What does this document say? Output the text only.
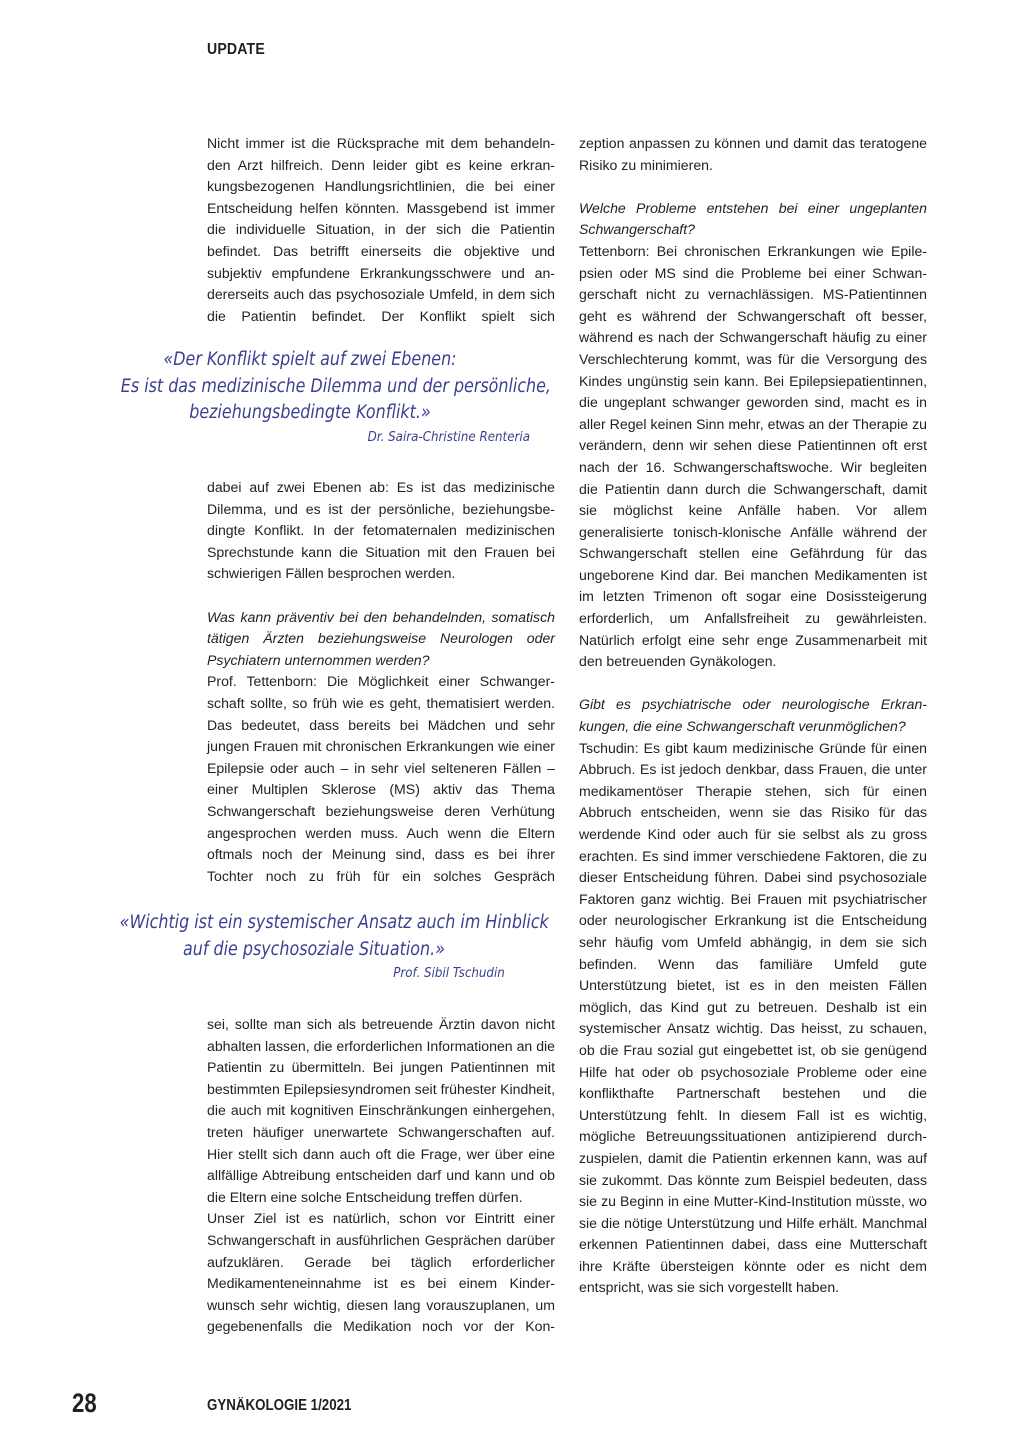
UPDATE

Nicht immer ist die Rücksprache mit dem behandelnden Arzt hilfreich. Denn leider gibt es keine erkrankungsbezogenen Handlungsrichtlinien, die bei einer Entscheidung helfen könnten. Massgebend ist immer die individuelle Situation, in der sich die Patientin befindet. Das betrifft einerseits die objektive und subjektiv empfundene Erkrankungsschwere und andererseits auch das psychosoziale Umfeld, in dem sich die Patientin befindet. Der Konflikt spielt sich

«Der Konflikt spielt auf zwei Ebenen:
Es ist das medizinische Dilemma und der persönliche,
beziehungsbedingte Konflikt.»
Dr. Saira-Christine Renteria

dabei auf zwei Ebenen ab: Es ist das medizinische Dilemma, und es ist der persönliche, beziehungsbedingte Konflikt. In der fetomaternalen medizinischen Sprechstunde kann die Situation mit den Frauen bei schwierigen Fällen besprochen werden.

Was kann präventiv bei den behandelnden, somatisch tätigen Ärzten beziehungsweise Neurologen oder Psychiatern unternommen werden?

Prof. Tettenborn: Die Möglichkeit einer Schwangerschaft sollte, so früh wie es geht, thematisiert werden. Das bedeutet, dass bereits bei Mädchen und sehr jungen Frauen mit chronischen Erkrankungen wie einer Epilepsie oder auch – in sehr viel selteneren Fällen – einer Multiplen Sklerose (MS) aktiv das Thema Schwangerschaft beziehungsweise deren Verhütung angesprochen werden muss. Auch wenn die Eltern oftmals noch der Meinung sind, dass es bei ihrer Tochter noch zu früh für ein solches Gespräch

«Wichtig ist ein systemischer Ansatz auch im Hinblick
auf die psychosoziale Situation.»
Prof. Sibil Tschudin

sei, sollte man sich als betreuende Ärztin davon nicht abhalten lassen, die erforderlichen Informationen an die Patientin zu übermitteln. Bei jungen Patientinnen mit bestimmten Epilepsiesyndromen seit frühester Kindheit, die auch mit kognitiven Einschränkungen einhergehen, treten häufiger unerwartete Schwangerschaften auf. Hier stellt sich dann auch oft die Frage, wer über eine allfällige Abtreibung entscheiden darf und kann und ob die Eltern eine solche Entscheidung treffen dürfen.

Unser Ziel ist es natürlich, schon vor Eintritt einer Schwangerschaft in ausführlichen Gesprächen darüber aufzuklären. Gerade bei täglich erforderlicher Medikamenteneinnahme ist es bei einem Kinderwunsch sehr wichtig, diesen lang vorauszuplanen, um gegebenenfalls die Medikation noch vor der Kon-

zeption anpassen zu können und damit das teratogene Risiko zu minimieren.

Welche Probleme entstehen bei einer ungeplanten Schwangerschaft?

Tettenborn: Bei chronischen Erkrankungen wie Epilepsien oder MS sind die Probleme bei einer Schwangerschaft nicht zu vernachlässigen. MS-Patientinnen geht es während der Schwangerschaft oft besser, während es nach der Schwangerschaft häufig zu einer Verschlechterung kommt, was für die Versorgung des Kindes ungünstig sein kann. Bei Epilepsiepatientinnen, die ungeplant schwanger geworden sind, macht es in aller Regel keinen Sinn mehr, etwas an der Therapie zu verändern, denn wir sehen diese Patientinnen oft erst nach der 16. Schwangerschaftswoche. Wir begleiten die Patientin dann durch die Schwangerschaft, damit sie möglichst keine Anfälle haben. Vor allem generalisierte tonisch-klonische Anfälle während der Schwangerschaft stellen eine Gefährdung für das ungeborene Kind dar. Bei manchen Medikamenten ist im letzten Trimenon oft sogar eine Dosissteigerung erforderlich, um Anfallsfreiheit zu gewährleisten. Natürlich erfolgt eine sehr enge Zusammenarbeit mit den betreuenden Gynäkologen.

Gibt es psychiatrische oder neurologische Erkrankungen, die eine Schwangerschaft verunmöglichen?

Tschudin: Es gibt kaum medizinische Gründe für einen Abbruch. Es ist jedoch denkbar, dass Frauen, die unter medikamentöser Therapie stehen, sich für einen Abbruch entscheiden, wenn sie das Risiko für das werdende Kind oder auch für sie selbst als zu gross erachten. Es sind immer verschiedene Faktoren, die zu dieser Entscheidung führen. Dabei sind psychosoziale Faktoren ganz wichtig. Bei Frauen mit psychiatrischer oder neurologischer Erkrankung ist die Entscheidung sehr häufig vom Umfeld abhängig, in dem sie sich befinden. Wenn das familiäre Umfeld gute Unterstützung bietet, ist es in den meisten Fällen möglich, das Kind gut zu betreuen. Deshalb ist ein systemischer Ansatz wichtig. Das heisst, zu schauen, ob die Frau sozial gut eingebettet ist, ob sie genügend Hilfe hat oder ob psychosoziale Probleme oder eine konflikthafte Partnerschaft bestehen und die Unterstützung fehlt. In diesem Fall ist es wichtig, mögliche Betreuungssituationen antizipierend durchzuspielen, damit die Patientin erkennen kann, was auf sie zukommt. Das könnte zum Beispiel bedeuten, dass sie zu Beginn in eine Mutter-Kind-Institution müsste, wo sie die nötige Unterstützung und Hilfe erhält. Manchmal erkennen Patientinnen dabei, dass eine Mutterschaft ihre Kräfte übersteigen könnte oder es nicht dem entspricht, was sie sich vorgestellt haben.

28	GYNÄKOLOGIE 1/2021
